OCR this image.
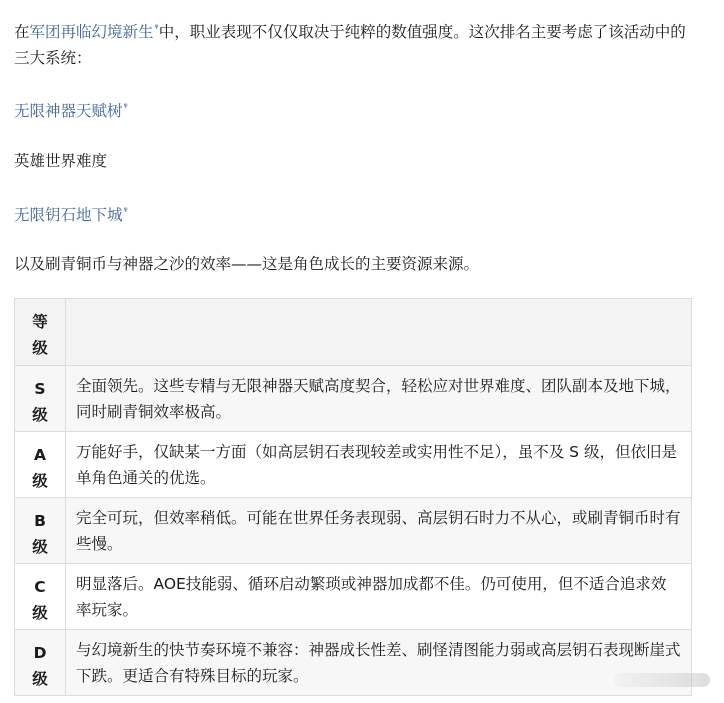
在军团再临幻境新生$^ᵠ$中，职业表现不仅仅取决于纯粹的数值强度。这次排名主要考虑了该活动中的三大系统：

无限神器天赋树$^ᵠ$

英雄世界难度

无限钥石地下城$^ᵠ$

以及刷青铜币与神器之沙的效率——这是角色成长的主要资源来源。

等级	

S级	全面领先。这些专精与无限神器天赋高度契合，轻松应对世界难度、团队副本及地下城，同时刷青铜效率极高。

A级	万能好手，仅缺某一方面（如高层钥石表现较差或实用性不足），虽不及 S 级，但依旧是单角色通关的优选。

B级	完全可玩，但效率稍低。可能在世界任务表现弱、高层钥石时力不从心，或刷青铜币时有些慢。

C级	明显落后。AOE技能弱、循环启动繁琐或神器加成都不佳。仍可使用，但不适合追求效率玩家。

D级	与幻境新生的快节奏环境不兼容：神器成长性差、刷怪清图能力弱或高层钥石表现断崖式下跌。更适合有特殊目标的玩家。
